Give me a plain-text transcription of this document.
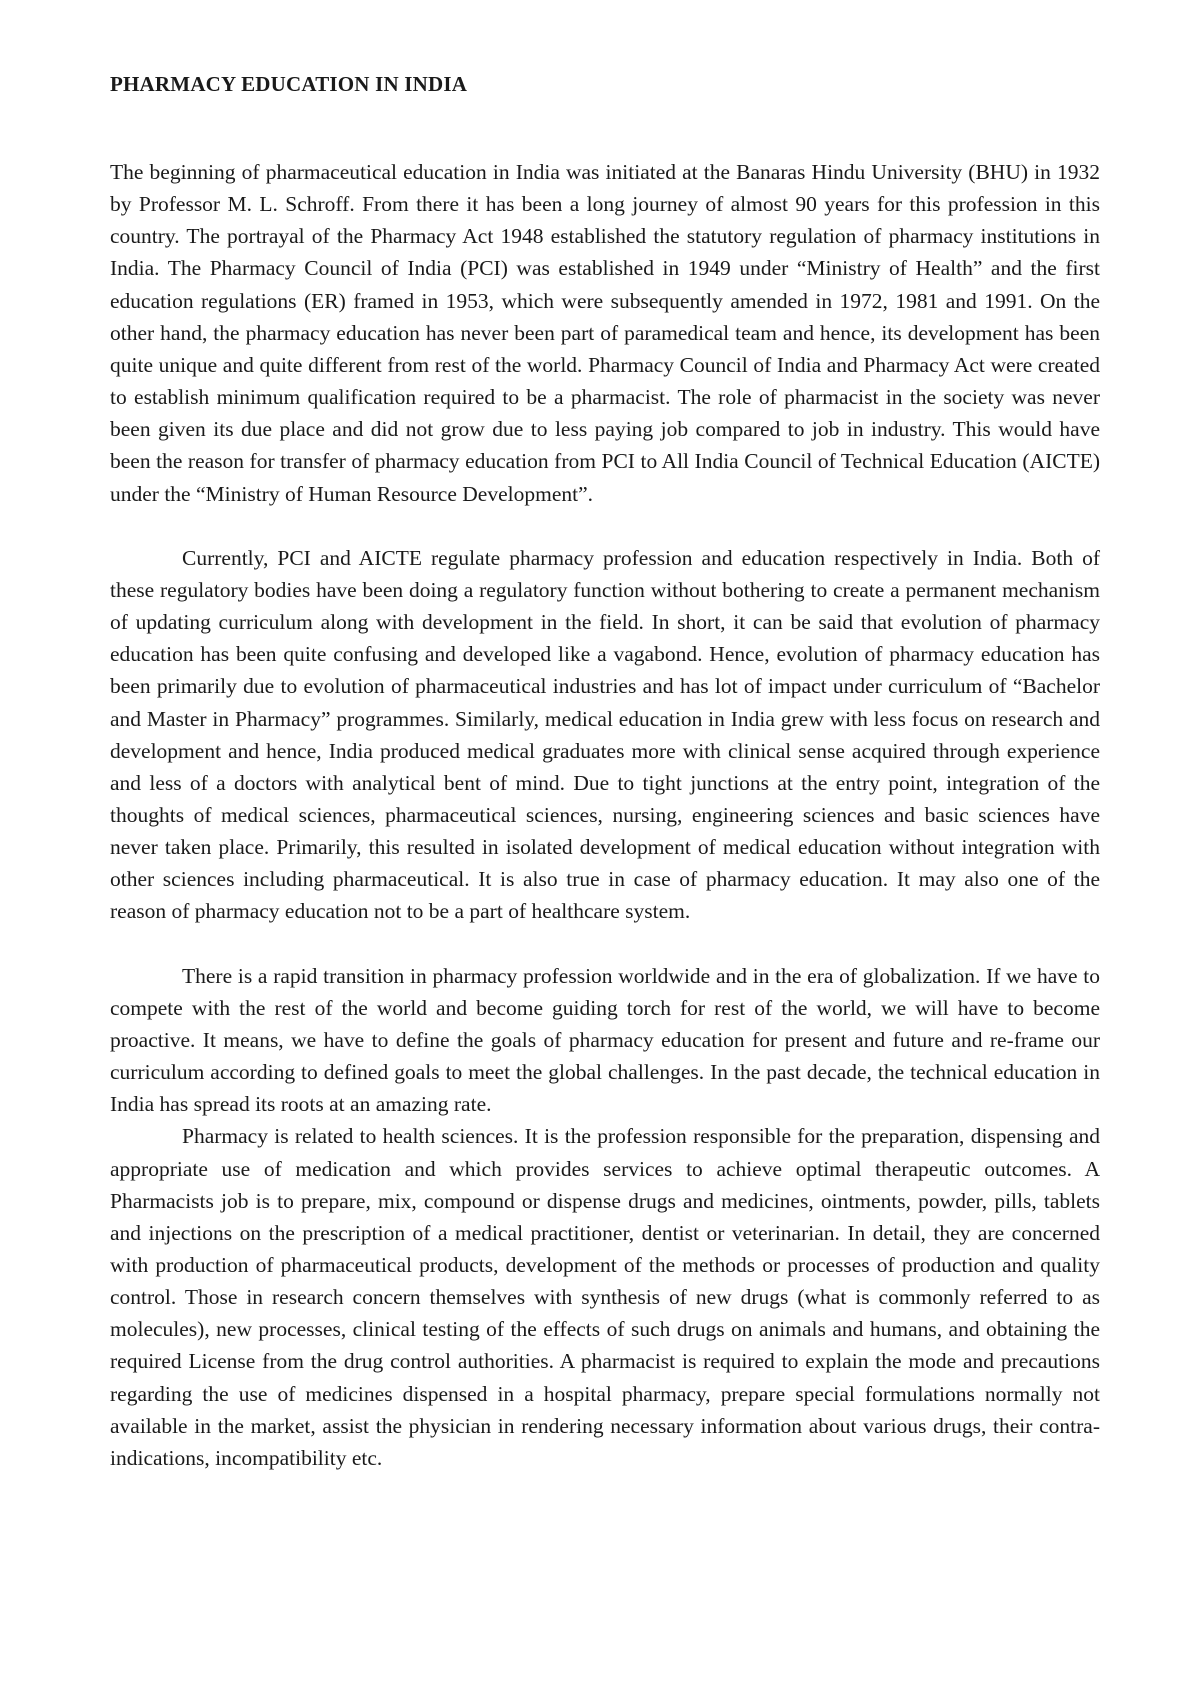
PHARMACY EDUCATION IN INDIA

The beginning of pharmaceutical education in India was initiated at the Banaras Hindu University (BHU) in 1932 by Professor M. L. Schroff. From there it has been a long journey of almost 90 years for this profession in this country. The portrayal of the Pharmacy Act 1948 established the statutory regulation of pharmacy institutions in India. The Pharmacy Council of India (PCI) was established in 1949 under “Ministry of Health” and the first education regulations (ER) framed in 1953, which were subsequently amended in 1972, 1981 and 1991. On the other hand, the pharmacy education has never been part of paramedical team and hence, its development has been quite unique and quite different from rest of the world. Pharmacy Council of India and Pharmacy Act were created to establish minimum qualification required to be a pharmacist. The role of pharmacist in the society was never been given its due place and did not grow due to less paying job compared to job in industry. This would have been the reason for transfer of pharmacy education from PCI to All India Council of Technical Education (AICTE) under the “Ministry of Human Resource Development”.

Currently, PCI and AICTE regulate pharmacy profession and education respectively in India. Both of these regulatory bodies have been doing a regulatory function without bothering to create a permanent mechanism of updating curriculum along with development in the field. In short, it can be said that evolution of pharmacy education has been quite confusing and developed like a vagabond. Hence, evolution of pharmacy education has been primarily due to evolution of pharmaceutical industries and has lot of impact under curriculum of “Bachelor and Master in Pharmacy” programmes. Similarly, medical education in India grew with less focus on research and development and hence, India produced medical graduates more with clinical sense acquired through experience and less of a doctors with analytical bent of mind. Due to tight junctions at the entry point, integration of the thoughts of medical sciences, pharmaceutical sciences, nursing, engineering sciences and basic sciences have never taken place. Primarily, this resulted in isolated development of medical education without integration with other sciences including pharmaceutical. It is also true in case of pharmacy education. It may also one of the reason of pharmacy education not to be a part of healthcare system.

There is a rapid transition in pharmacy profession worldwide and in the era of globalization. If we have to compete with the rest of the world and become guiding torch for rest of the world, we will have to become proactive. It means, we have to define the goals of pharmacy education for present and future and re-frame our curriculum according to defined goals to meet the global challenges. In the past decade, the technical education in India has spread its roots at an amazing rate.

Pharmacy is related to health sciences. It is the profession responsible for the preparation, dispensing and appropriate use of medication and which provides services to achieve optimal therapeutic outcomes. A Pharmacists job is to prepare, mix, compound or dispense drugs and medicines, ointments, powder, pills, tablets and injections on the prescription of a medical practitioner, dentist or veterinarian. In detail, they are concerned with production of pharmaceutical products, development of the methods or processes of production and quality control. Those in research concern themselves with synthesis of new drugs (what is commonly referred to as molecules), new processes, clinical testing of the effects of such drugs on animals and humans, and obtaining the required License from the drug control authorities. A pharmacist is required to explain the mode and precautions regarding the use of medicines dispensed in a hospital pharmacy, prepare special formulations normally not available in the market, assist the physician in rendering necessary information about various drugs, their contra-indications, incompatibility etc.
